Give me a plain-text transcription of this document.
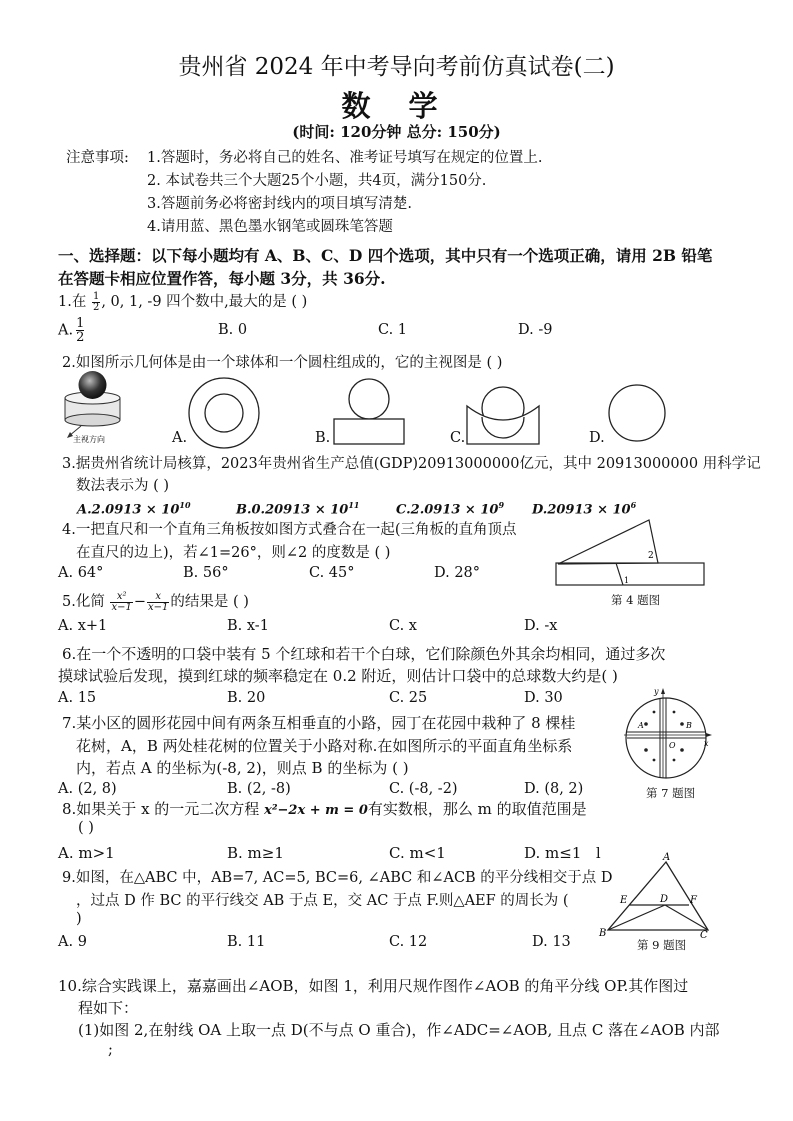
贵州省 2024 年中考导向考前仿真试卷(二)
数 学
(时间: 120分钟 总分: 150分)
注意事项: 1.答题时，务必将自己的姓名、准考证号填写在规定的位置上.
2. 本试卷共三个大题25个小题，共4页，满分150分.
3.答题前务必将密封线内的项目填写清楚.
4.请用蓝、黑色墨水钢笔或圆珠笔答题
一、选择题：以下每小题均有 A、B、C、D 四个选项，其中只有一个选项正确，请用 2B 铅笔
在答题卡相应位置作答，每小题 3分，共 36分.
1.在 $\frac{1}{2}$ , 0, 1, -9 四个数中,最大的是 ( )
A. $\frac{1}{2}$	B. 0	C. 1	D. -9
2.如图所示几何体是由一个球体和一个圆柱组成的，它的主视图是 ( )
主视方向	A.	B.	C.	D.
3.据贵州省统计局核算，2023年贵州省生产总值(GDP)20913000000亿元，其中 20913000000 用科学记
数法表示为 ( )
$A.2.0913 \times 10^{10}$	$B.0.20913 \times 10^{11}$	$C.2.0913 \times 10^9$ $D.20913 \times 10^6$
4.一把直尺和一个直角三角板按如图方式叠合在一起(三角板的直角顶点
在直尺的边上)，若∠1=26°，则∠2 的度数是 ( )
A. 64°	B. 56°	C. 45°	D. 28°
2
1
第 4 题图
5.化简 $\frac{\text{x²}}{x-1} - \frac{x}{x-1}$ 的结果是 ( )
A. x+1	B. x-1	C. x	D. -x
6.在一个不透明的口袋中装有 5 个红球和若干个白球，它们除颜色外其余均相同，通过多次
摸球试验后发现，摸到红球的频率稳定在 0.2 附近，则估计口袋中的总球数大约是( )
A. 15	B. 20	C. 25	D. 30
7.某小区的圆形花园中间有两条互相垂直的小路，园丁在花园中栽种了 8 棵桂
花树，A，B 两处桂花树的位置关于小路对称.在如图所示的平面直角坐标系
内，若点 A 的坐标为(-8, 2)，则点 B 的坐标为 ( )
A. (2, 8)	B. (2, -8)	C. (-8, -2)	D. (8, 2)
A	B
O	x
y
第 7 题图
8.如果关于 x 的一元二次方程 x²−2x + m = 0有实数根，那么 m 的取值范围是
( )
A. m>1	B. m≥1	C. m<1	D. m≤1 l
9.如图，在△ABC 中，AB=7, AC=5, BC=6, ∠ABC 和∠ACB 的平分线相交于点 D
，过点 D 作 BC 的平行线交 AB 于点 E，交 AC 于点 F.则△AEF 的周长为 (
)
A. 9	B. 11	C. 12	D. 13
A
B	C
D
E	F
第 9 题图
10.综合实践课上，嘉嘉画出∠AOB，如图 1，利用尺规作图作∠AOB 的角平分线 OP.其作图过
程如下：
(1)如图 2,在射线 OA 上取一点 D(不与点 O 重合)，作∠ADC=∠AOB, 且点 C 落在∠AOB 内部
;
